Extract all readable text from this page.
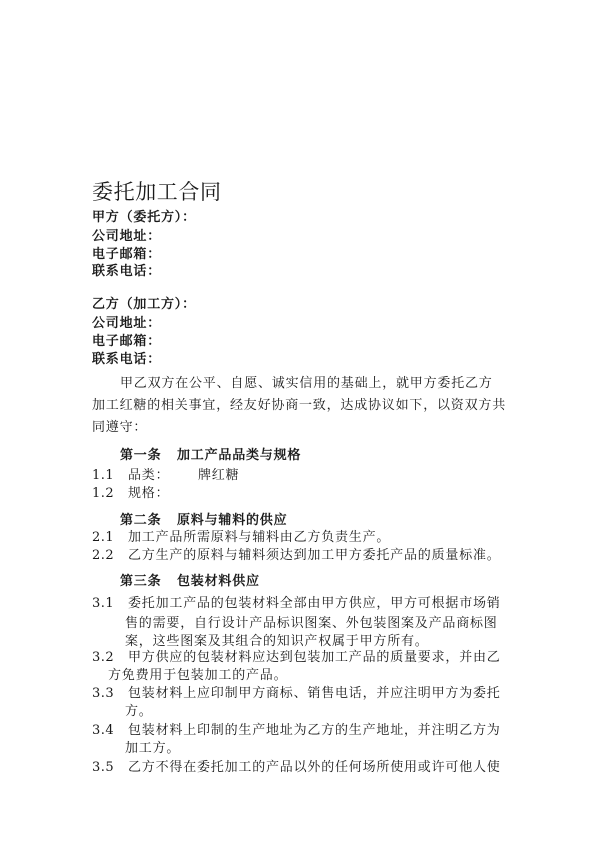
委托加工合同
甲方（委托方）：
公司地址：
电子邮箱：
联系电话：
乙方（加工方）：
公司地址：
电子邮箱：
联系电话：
甲乙双方在公平、自愿、诚实信用的基础上，就甲方委托乙方
加工红糖的相关事宜，经友好协商一致，达成协议如下，以资双方共
同遵守：
第一条 加工产品品类与规格
1.1 品类： 牌红糖
1.2 规格：
第二条 原料与辅料的供应
2.1 加工产品所需原料与辅料由乙方负责生产。
2.2 乙方生产的原料与辅料须达到加工甲方委托产品的质量标准。
第三条 包装材料供应
3.1 委托加工产品的包装材料全部由甲方供应，甲方可根据市场销
售的需要，自行设计产品标识图案、外包装图案及产品商标图
案，这些图案及其组合的知识产权属于甲方所有。
3.2 甲方供应的包装材料应达到包装加工产品的质量要求，并由乙
方免费用于包装加工的产品。
3.3 包装材料上应印制甲方商标、销售电话，并应注明甲方为委托
方。
3.4 包装材料上印制的生产地址为乙方的生产地址，并注明乙方为
加工方。
3.5 乙方不得在委托加工的产品以外的任何场所使用或许可他人使
